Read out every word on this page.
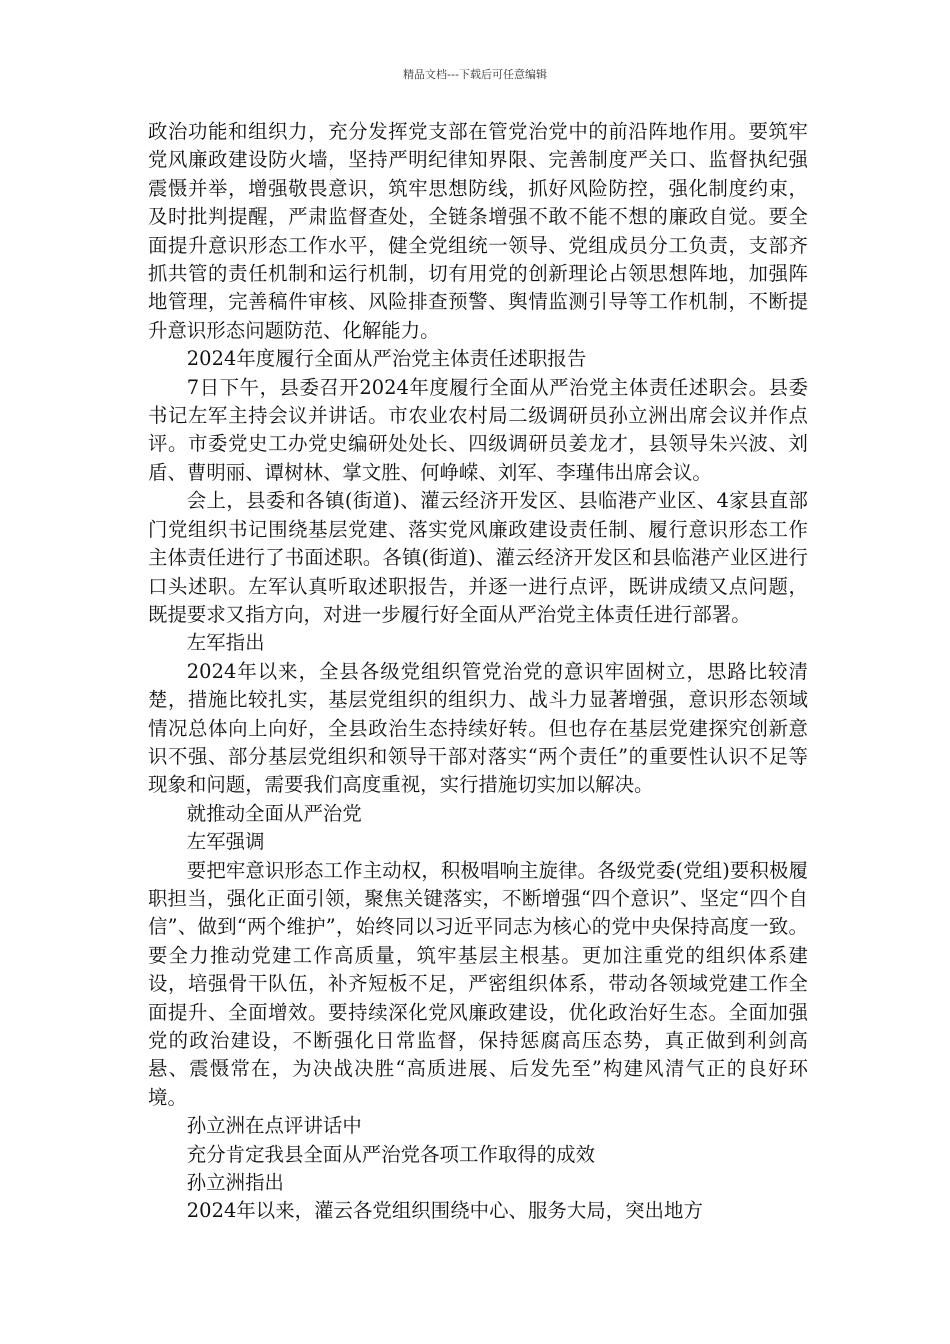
精品文档---下载后可任意编辑

政治功能和组织力，充分发挥党支部在管党治党中的前沿阵地作用。要筑牢党风廉政建设防火墙，坚持严明纪律知界限、完善制度严关口、监督执纪强震慑并举，增强敬畏意识，筑牢思想防线，抓好风险防控，强化制度约束，及时批判提醒，严肃监督查处，全链条增强不敢不能不想的廉政自觉。要全面提升意识形态工作水平，健全党组统一领导、党组成员分工负责，支部齐抓共管的责任机制和运行机制，切有用党的创新理论占领思想阵地，加强阵地管理，完善稿件审核、风险排查预警、舆情监测引导等工作机制，不断提升意识形态问题防范、化解能力。

2024年度履行全面从严治党主体责任述职报告

7日下午，县委召开2024年度履行全面从严治党主体责任述职会。县委书记左军主持会议并讲话。市农业农村局二级调研员孙立洲出席会议并作点评。市委党史工办党史编研处处长、四级调研员姜龙才，县领导朱兴波、刘盾、曹明丽、谭树林、掌文胜、何峥嵘、刘军、李瑾伟出席会议。

会上，县委和各镇(街道)、灌云经济开发区、县临港产业区、4家县直部门党组织书记围绕基层党建、落实党风廉政建设责任制、履行意识形态工作主体责任进行了书面述职。各镇(街道)、灌云经济开发区和县临港产业区进行口头述职。左军认真听取述职报告，并逐一进行点评，既讲成绩又点问题，既提要求又指方向，对进一步履行好全面从严治党主体责任进行部署。

左军指出

2024年以来，全县各级党组织管党治党的意识牢固树立，思路比较清楚，措施比较扎实，基层党组织的组织力、战斗力显著增强，意识形态领域情况总体向上向好，全县政治生态持续好转。但也存在基层党建探究创新意识不强、部分基层党组织和领导干部对落实“两个责任”的重要性认识不足等现象和问题，需要我们高度重视，实行措施切实加以解决。

就推动全面从严治党

左军强调

要把牢意识形态工作主动权，积极唱响主旋律。各级党委(党组)要积极履职担当，强化正面引领，聚焦关键落实，不断增强“四个意识”、坚定“四个自信”、做到“两个维护”，始终同以习近平同志为核心的党中央保持高度一致。要全力推动党建工作高质量，筑牢基层主根基。更加注重党的组织体系建设，培强骨干队伍，补齐短板不足，严密组织体系，带动各领域党建工作全面提升、全面增效。要持续深化党风廉政建设，优化政治好生态。全面加强党的政治建设，不断强化日常监督，保持惩腐高压态势，真正做到利剑高悬、震慑常在，为决战决胜“高质进展、后发先至”构建风清气正的良好环境。

孙立洲在点评讲话中

充分肯定我县全面从严治党各项工作取得的成效

孙立洲指出

2024年以来，灌云各党组织围绕中心、服务大局，突出地方
